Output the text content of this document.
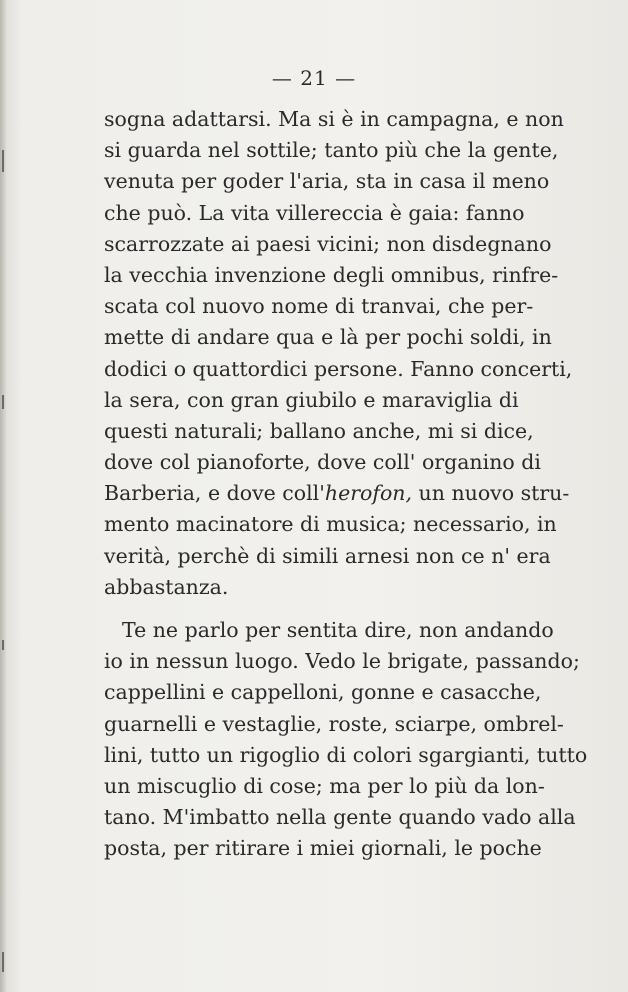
— 21 —
sogna adattarsi. Ma si è in campagna, e non
si guarda nel sottile; tanto più che la gente,
venuta per goder l'aria, sta in casa il meno
che può. La vita villereccia è gaia: fanno
scarrozzate ai paesi vicini; non disdegnano
la vecchia invenzione degli omnibus, rinfre-
scata col nuovo nome di tranvai, che per-
mette di andare qua e là per pochi soldi, in
dodici o quattordici persone. Fanno concerti,
la sera, con gran giubilo e maraviglia di
questi naturali; ballano anche, mi si dice,
dove col pianoforte, dove coll' organino di
Barberia, e dove coll'herofon, un nuovo stru-
mento macinatore di musica; necessario, in
verità, perchè di simili arnesi non ce n' era
abbastanza.
Te ne parlo per sentita dire, non andando
io in nessun luogo. Vedo le brigate, passando;
cappellini e cappelloni, gonne e casacche,
guarnelli e vestaglie, roste, sciarpe, ombrel-
lini, tutto un rigoglio di colori sgargianti, tutto
un miscuglio di cose; ma per lo più da lon-
tano. M'imbatto nella gente quando vado alla
posta, per ritirare i miei giornali, le poche
